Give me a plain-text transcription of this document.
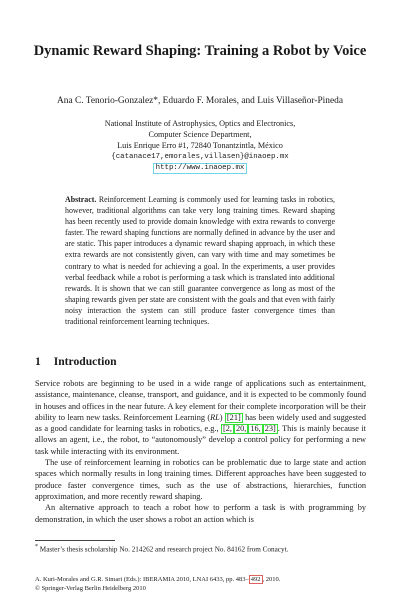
Dynamic Reward Shaping: Training a Robot by Voice
Ana C. Tenorio-Gonzalez*, Eduardo F. Morales, and Luis Villaseñor-Pineda
National Institute of Astrophysics, Optics and Electronics,
Computer Science Department,
Luis Enrique Erro #1, 72840 Tonantzintla, México
{catanace17,emorales,villasen}@inaoep.mx
http://www.inaoep.mx
Abstract. Reinforcement Learning is commonly used for learning tasks in robotics, however, traditional algorithms can take very long training times. Reward shaping has been recently used to provide domain knowledge with extra rewards to converge faster. The reward shaping functions are normally defined in advance by the user and are static. This paper introduces a dynamic reward shaping approach, in which these extra rewards are not consistently given, can vary with time and may sometimes be contrary to what is needed for achieving a goal. In the experiments, a user provides verbal feedback while a robot is performing a task which is translated into additional rewards. It is shown that we can still guarantee convergence as long as most of the shaping rewards given per state are consistent with the goals and that even with fairly noisy interaction the system can still produce faster convergence times than traditional reinforcement learning techniques.
1 Introduction

Service robots are beginning to be used in a wide range of applications such as entertainment, assistance, maintenance, cleanse, transport, and guidance, and it is expected to be commonly found in houses and offices in the near future. A key element for their complete incorporation will be their ability to learn new tasks. Reinforcement Learning (RL) [21] has been widely used and suggested as a good candidate for learning tasks in robotics, e.g., [2, 20, 16, 23] . This is mainly because it allows an agent, i.e., the robot, to “autonomously” develop a control policy for performing a new task while interacting with its environment.

The use of reinforcement learning in robotics can be problematic due to large state and action spaces which normally results in long training times. Different approaches have been suggested to produce faster convergence times, such as the use of abstractions, hierarchies, function approximation, and more recently reward shaping.

An alternative approach to teach a robot how to perform a task is with programming by demonstration, in which the user shows a robot an action which is

* Master’s thesis scholarship No. 214262 and research project No. 84162 from Conacyt.
A. Kuri-Morales and G.R. Simari (Eds.): IBERAMIA 2010, LNAI 6433, pp. 483– 492 , 2010.
© Springer-Verlag Berlin Heidelberg 2010
